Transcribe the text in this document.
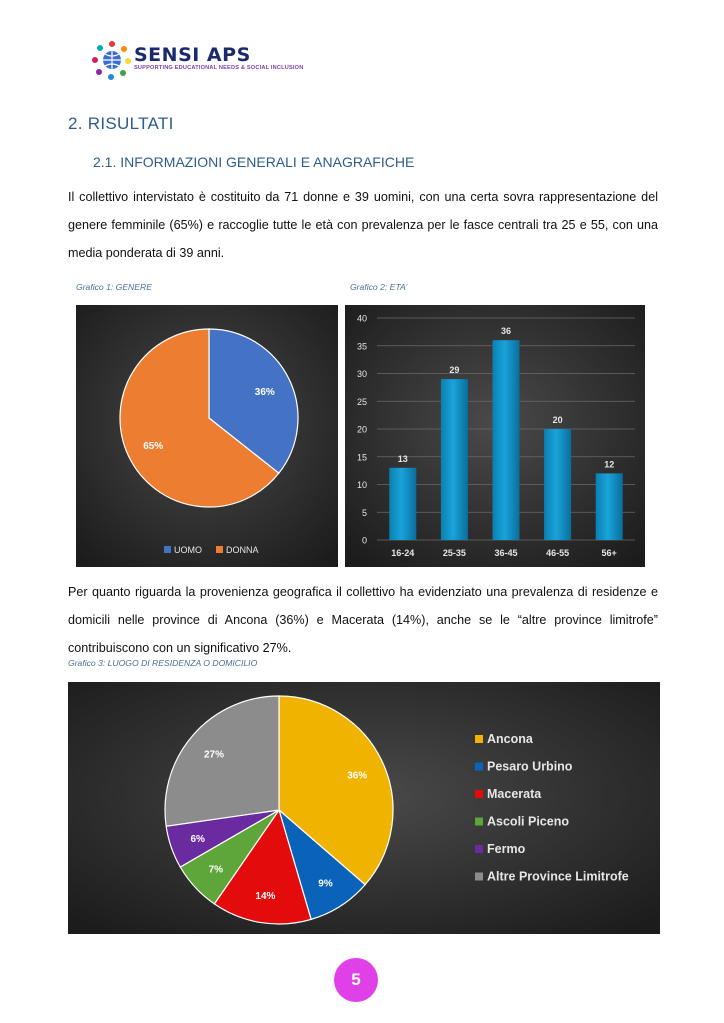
SENSI APS
SUPPORTING EDUCATIONAL NEEDS & SOCIAL INCLUSION
2. RISULTATI
2.1. INFORMAZIONI GENERALI E ANAGRAFICHE
Il collettivo intervistato è costituito da 71 donne e 39 uomini, con una certa sovra rappresentazione del genere femminile (65%) e raccoglie tutte le età con prevalenza per le fasce centrali tra 25 e 55, con una media ponderata di 39 anni.
Grafico 1: GENERE	Grafico 2: ETA’
36%
65%
UOMO	DONNA
0
5
10
15
20
25
30
35
40
13
16-24
29
25-35
36
36-45
20
46-55
12
56+
Per quanto riguarda la provenienza geografica il collettivo ha evidenziato una prevalenza di residenze e domicili nelle province di Ancona (36%) e Macerata (14%), anche se le “altre province limitrofe” contribuiscono con un significativo 27%.
Grafico 3: LUOGO DI RESIDENZA O DOMICILIO
36%
9%
14%
7%
6%
27%
Ancona
Pesaro Urbino
Macerata
Ascoli Piceno
Fermo
Altre Province Limitrofe
5
